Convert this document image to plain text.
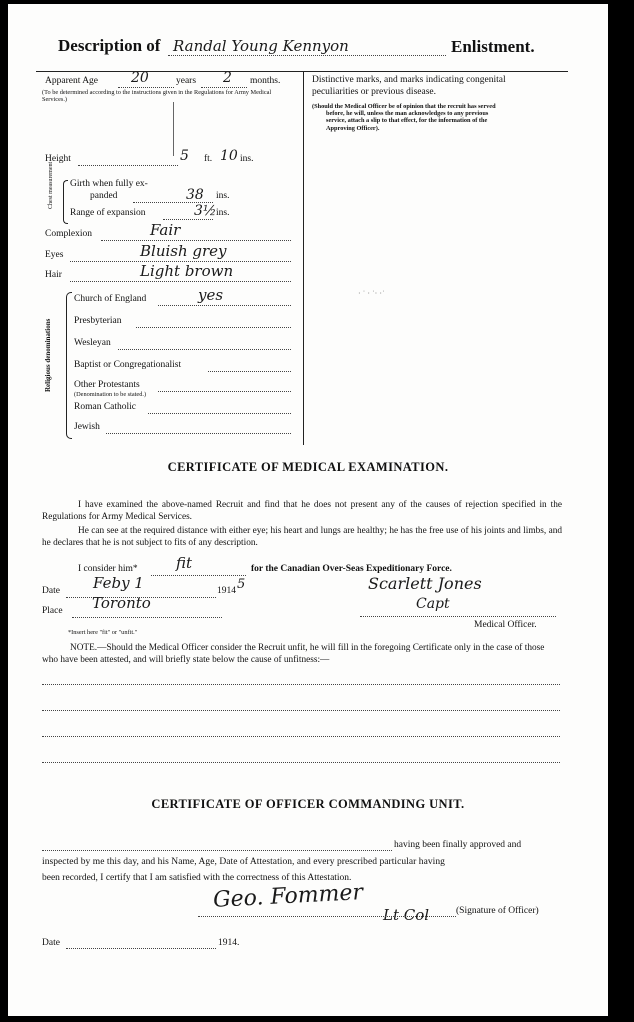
Description of Randal Young Kennyon	Enlistment.
Apparent Age 20	years 2 months.
(To be determined according to the instructions given in the Regulations for Army Medical Services.)
Height	5 ft. 10 ins.
Chest measurement Girth when fully ex-
panded	38 ins.
Range of expansion	3½ ins.
Complexion	Fair
Eyes	Bluish grey
Hair	Light brown
Religious denominations
Church of England	yes
Presbyterian
Wesleyan
Baptist or Congregationalist
Other Protestants
(Denomination to be stated.)
Roman Catholic
Jewish
Distinctive marks, and marks indicating congenital
peculiarities or previous disease.
(Should the Medical Officer be of opinion that the recruit has served
before, he will, unless the man acknowledges to any previous
service, attach a slip to that effect, for the information of the
Approving Officer).
· ˙ · ˙· ·˙
CERTIFICATE OF MEDICAL EXAMINATION.
I have examined the above-named Recruit and find that he does not present any of the causes of rejection specified in the Regulations for Army Medical Services.
He can see at the required distance with either eye; his heart and lungs are healthy; he has the free use of his joints and limbs, and he declares that he is not subject to fits of any description.
I consider him*	fit	for the Canadian Over-Seas Expeditionary Force.
Date Feby 1	1914 5
Place Toronto
Scarlett Jones
Capt
Medical Officer.
*Insert here "fit" or "unfit."
NOTE.—Should the Medical Officer consider the Recruit unfit, he will fill in the foregoing Certificate only in the case of those who have been attested, and will briefly state below the cause of unfitness:—
CERTIFICATE OF OFFICER COMMANDING UNIT.
having been finally approved and
inspected by me this day, and his Name, Age, Date of Attestation, and every prescribed particular having
been recorded, I certify that I am satisfied with the correctness of this Attestation.
Geo. Fommer
Lt Col	(Signature of Officer)
Date	1914.
